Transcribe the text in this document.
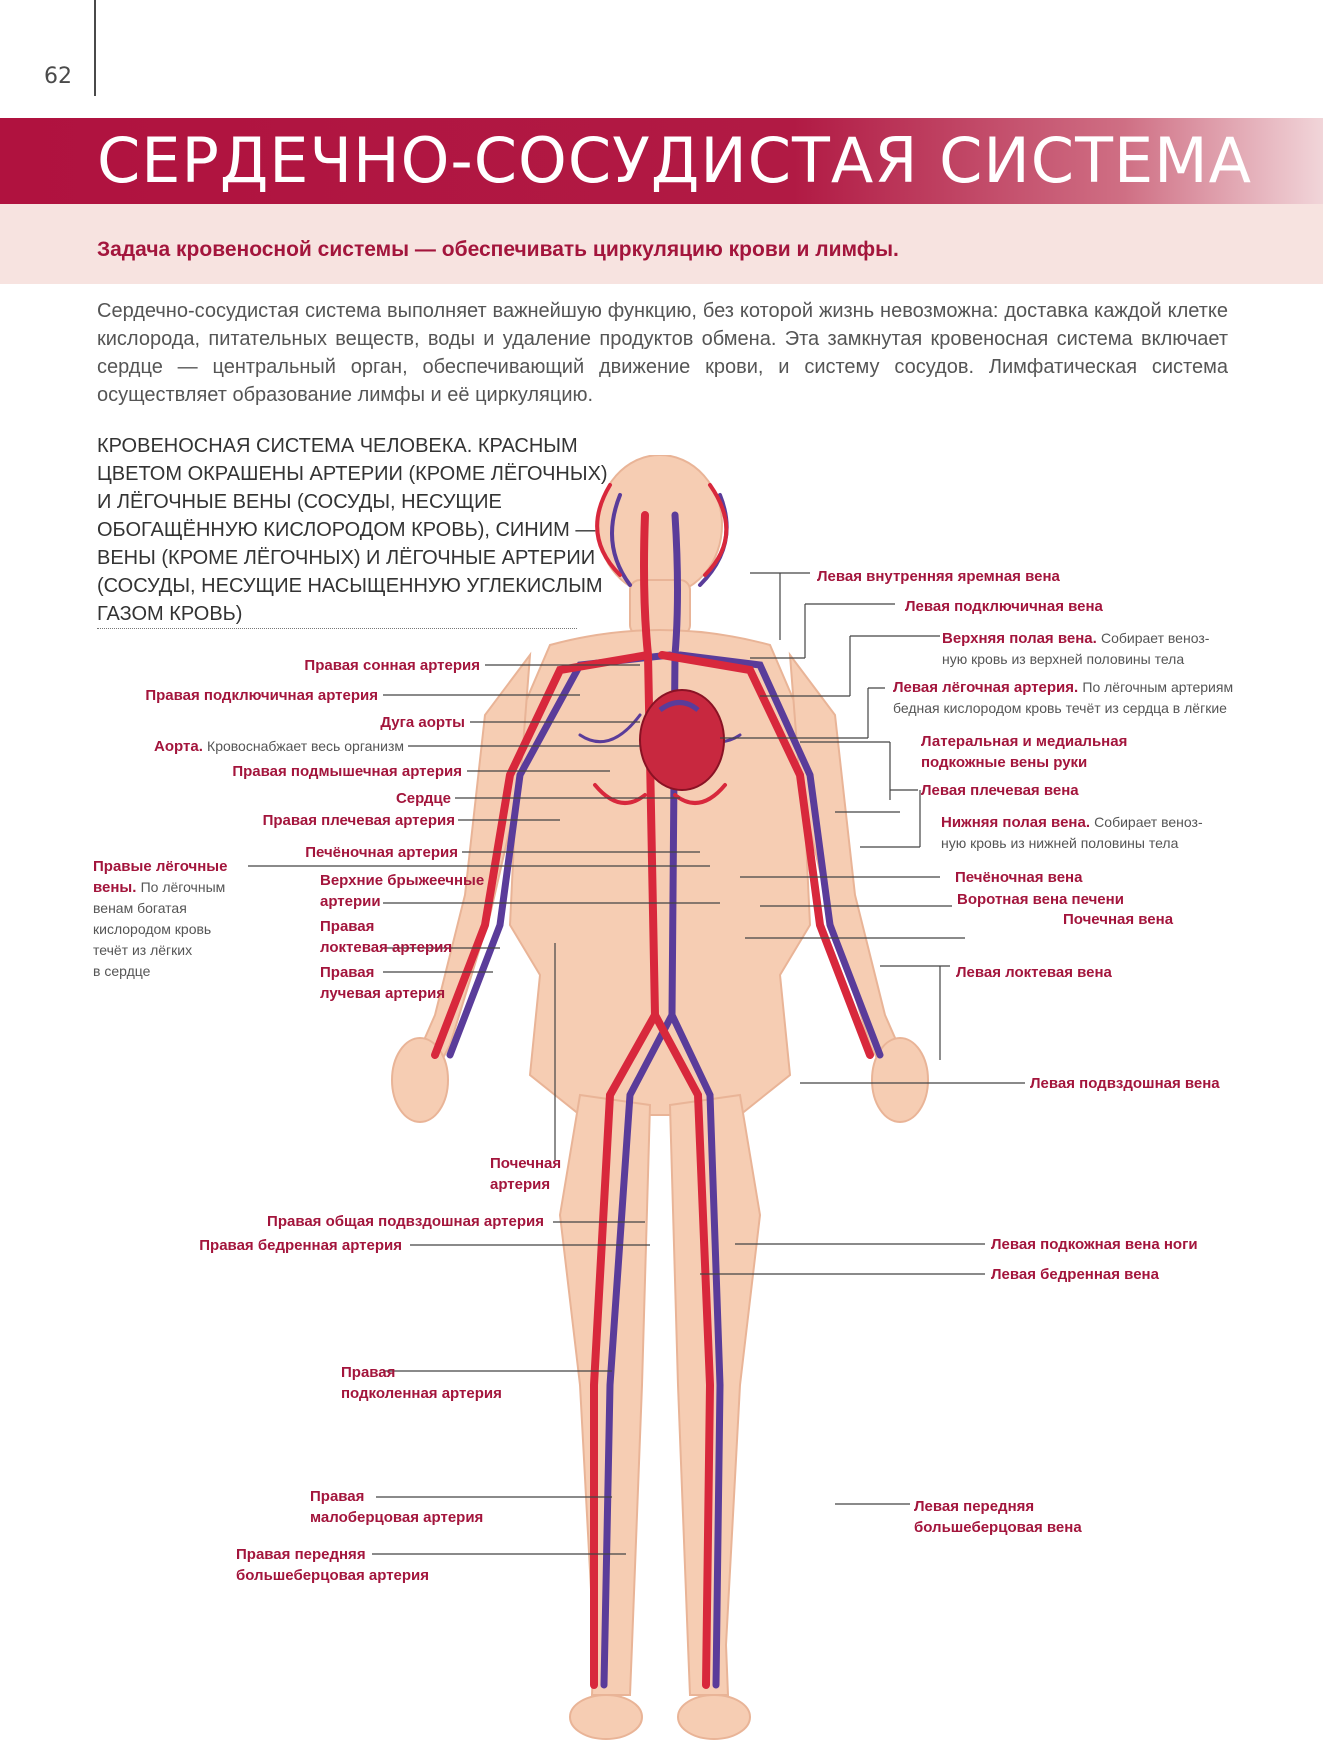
62
СЕРДЕЧНО-СОСУДИСТАЯ СИСТЕМА

Задача кровеносной системы — обеспечивать циркуляцию крови и лимфы.

Сердечно-сосудистая система выполняет важнейшую функцию, без которой жизнь невозможна: доставка каждой клетке кислорода, питательных веществ, воды и удаление продуктов обмена. Эта замкнутая кровеносная система включает сердце — центральный орган, обеспечивающий движение крови, и систему сосудов. Лимфатическая система осуществляет образование лимфы и её циркуляцию.

КРОВЕНОСНАЯ СИСТЕМА ЧЕЛОВЕКА. КРАСНЫМ ЦВЕТОМ ОКРАШЕНЫ АРТЕРИИ (КРОМЕ ЛЁГОЧНЫХ) И ЛЁГОЧНЫЕ ВЕНЫ (СОСУДЫ, НЕСУЩИЕ ОБОГАЩЁННУЮ КИСЛОРОДОМ КРОВЬ), СИНИМ — ВЕНЫ (КРОМЕ ЛЁГОЧНЫХ) И ЛЁГОЧНЫЕ АРТЕРИИ (СОСУДЫ, НЕСУЩИЕ НАСЫЩЕННУЮ УГЛЕКИСЛЫМ ГАЗОМ КРОВЬ)

Правая сонная артерия
Правая подключичная артерия
Дуга аорты
Аорта. Кровоснабжает весь организм
Правая подмышечная артерия
Сердце
Правая плечевая артерия
Печёночная артерия
Правые лёгочные
вены. По лёгочным
венам богатая
кислородом кровь
течёт из лёгких
в сердце
Верхние брыжеечные
артерии
Правая
локтевая артерия
Правая
лучевая артерия
Почечная
артерия
Правая общая подвздошная артерия
Правая бедренная артерия
Правая
подколенная артерия
Правая
малоберцовая артерия
Правая передняя
большеберцовая артерия
Левая внутренняя яремная вена
Левая подключичная вена
Верхняя полая вена. Собирает веноз-
ную кровь из верхней половины тела
Левая лёгочная артерия. По лёгочным артериям
бедная кислородом кровь течёт из сердца в лёгкие
Латеральная и медиальная
подкожные вены руки
Левая плечевая вена
Нижняя полая вена. Собирает веноз-
ную кровь из нижней половины тела
Печёночная вена
Воротная вена печени
Почечная вена
Левая локтевая вена
Левая подвздошная вена
Левая подкожная вена ноги
Левая бедренная вена
Левая передняя
большеберцовая вена
